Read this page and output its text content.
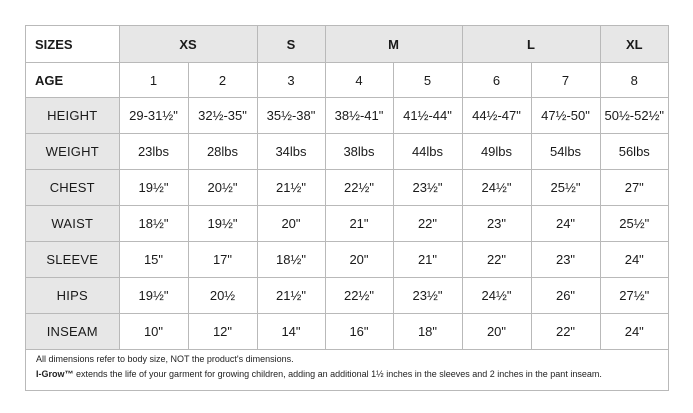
SIZES	XS		S	M		L		XL
AGE	1	2	3	4	5	6	7	8
HEIGHT	29-31½"	32½-35"	35½-38"	38½-41"	41½-44"	44½-47"	47½-50"	50½-52½"
WEIGHT	23lbs	28lbs	34lbs	38lbs	44lbs	49lbs	54lbs	56lbs
CHEST	19½"	20½"	21½"	22½"	23½"	24½"	25½"	27"
WAIST	18½"	19½"	20"	21"	22"	23"	24"	25½"
SLEEVE	15"	17"	18½"	20"	21"	22"	23"	24"
HIPS	19½"	20½	21½"	22½"	23½"	24½"	26"	27½"
INSEAM	10"	12"	14"	16"	18"	20"	22"	24"
All dimensions refer to body size, NOT the product's dimensions.
I-Grow™ extends the life of your garment for growing children, adding an additional 1½ inches in the sleeves and 2 inches in the pant inseam.
